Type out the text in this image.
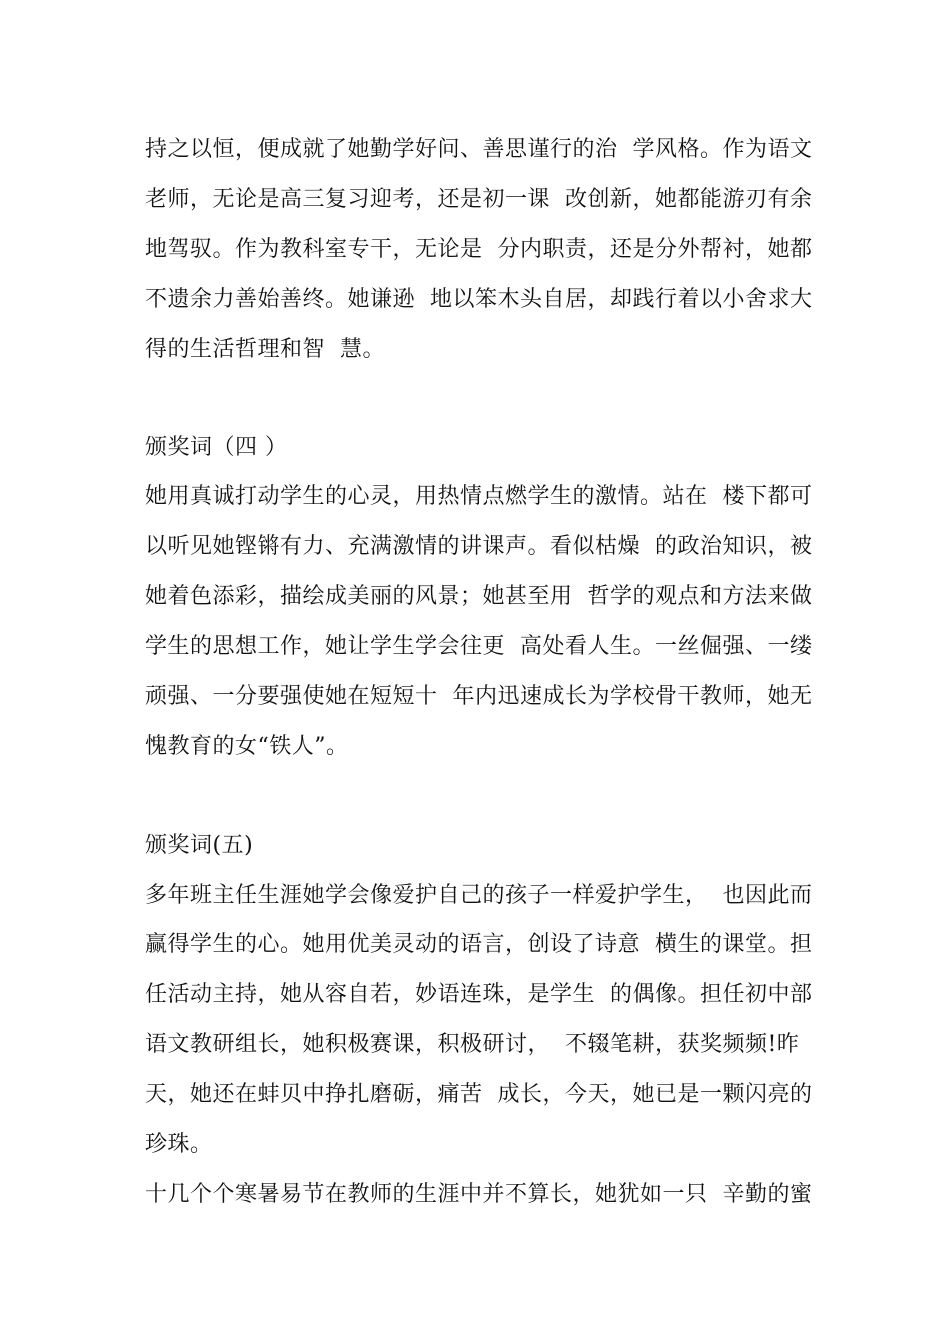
持之以恒，便成就了她勤学好问、善思谨行的治  学风格。作为语文
老师，无论是高三复习迎考，还是初一课  改创新，她都能游刃有余
地驾驭。作为教科室专干，无论是  分内职责，还是分外帮衬，她都
不遗余力善始善终。她谦逊  地以笨木头自居，却践行着以小舍求大
得的生活哲理和智  慧。
颁奖词（四 ）
她用真诚打动学生的心灵，用热情点燃学生的激情。站在  楼下都可
以听见她铿锵有力、充满激情的讲课声。看似枯燥  的政治知识，被
她着色添彩，描绘成美丽的风景；她甚至用  哲学的观点和方法来做
学生的思想工作，她让学生学会往更  高处看人生。一丝倔强、一缕
顽强、一分要强使她在短短十  年内迅速成长为学校骨干教师，她无
愧教育的女“铁人”。
颁奖词(五)
多年班主任生涯她学会像爱护自己的孩子一样爱护学生，  也因此而
赢得学生的心。她用优美灵动的语言，创设了诗意  横生的课堂。担
任活动主持，她从容自若，妙语连珠，是学生  的偶像。担任初中部
语文教研组长，她积极赛课，积极研讨，  不辍笔耕，获奖频频!昨
天，她还在蚌贝中挣扎磨砺，痛苦  成长，今天，她已是一颗闪亮的
珍珠。
十几个个寒暑易节在教师的生涯中并不算长，她犹如一只  辛勤的蜜
